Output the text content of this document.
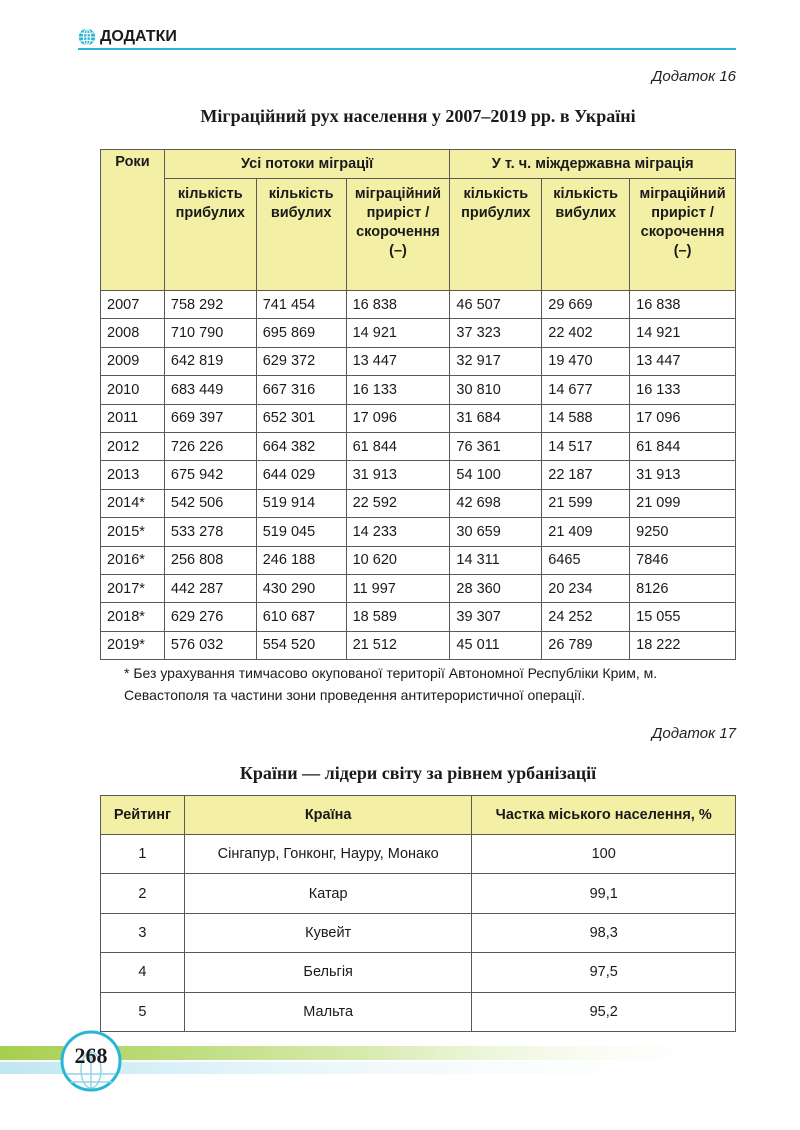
ДОДАТКИ
Додаток 16
Міграційний рух населення у 2007–2019 рр. в Україні
Роки	Усі потоки міграції			У т. ч. міждержавна міграція		
	кількість прибулих	кількість вибулих	міграційний приріст / скорочення (–)	кількість прибулих	кількість вибулих	міграційний приріст / скорочення (–)
2007	758 292	741 454	16 838	46 507	29 669	16 838
2008	710 790	695 869	14 921	37 323	22 402	14 921
2009	642 819	629 372	13 447	32 917	19 470	13 447
2010	683 449	667 316	16 133	30 810	14 677	16 133
2011	669 397	652 301	17 096	31 684	14 588	17 096
2012	726 226	664 382	61 844	76 361	14 517	61 844
2013	675 942	644 029	31 913	54 100	22 187	31 913
2014*	542 506	519 914	22 592	42 698	21 599	21 099
2015*	533 278	519 045	14 233	30 659	21 409	9250
2016*	256 808	246 188	10 620	14 311	6465	7846
2017*	442 287	430 290	11 997	28 360	20 234	8126
2018*	629 276	610 687	18 589	39 307	24 252	15 055
2019*	576 032	554 520	21 512	45 011	26 789	18 222
* Без урахування тимчасово окупованої території Автономної Республіки Крим, м. Севастополя та частини зони проведення антитерористичної операції.
Додаток 17
Країни — лідери світу за рівнем урбанізації
Рейтинг	Країна	Частка міського населення, %
1	Сінгапур, Гонконг, Науру, Монако	100
2	Катар	99,1
3	Кувейт	98,3
4	Бельгія	97,5
5	Мальта	95,2
268
